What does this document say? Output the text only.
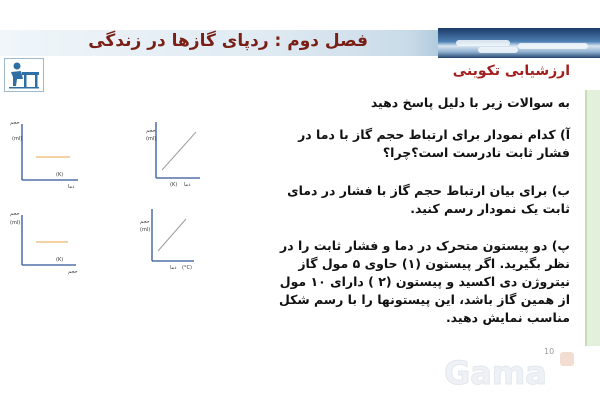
فصل دوم : ردپای گازها در زندگی
ارزشیابی تکوینی
به سوالات زیر با دلیل پاسخ دهید
آ) کدام نمودار برای ارتباط حجم گاز با دما در فشار ثابت نادرست است؟چرا؟
ب) برای بیان ارتباط حجم گاز با فشار در دمای ثابت یک نمودار رسم کنید.
پ) دو پیستون متحرک در دما و فشار ثابت را در نظر بگیرید. اگر پیستون (۱) حاوی ۵ مول گاز نیتروژن دی اکسید و پیستون (۲ ) دارای ۱۰ مول از همین گاز باشد، این پیستونها را با رسم شکل مناسب نمایش دهید.
حجم
(ml)
(K)
دما
حجم
(ml)
(K) دما
حجم
(ml)
(K)
حجم
حجم
(ml)
(°C)
دما
10
Gama
